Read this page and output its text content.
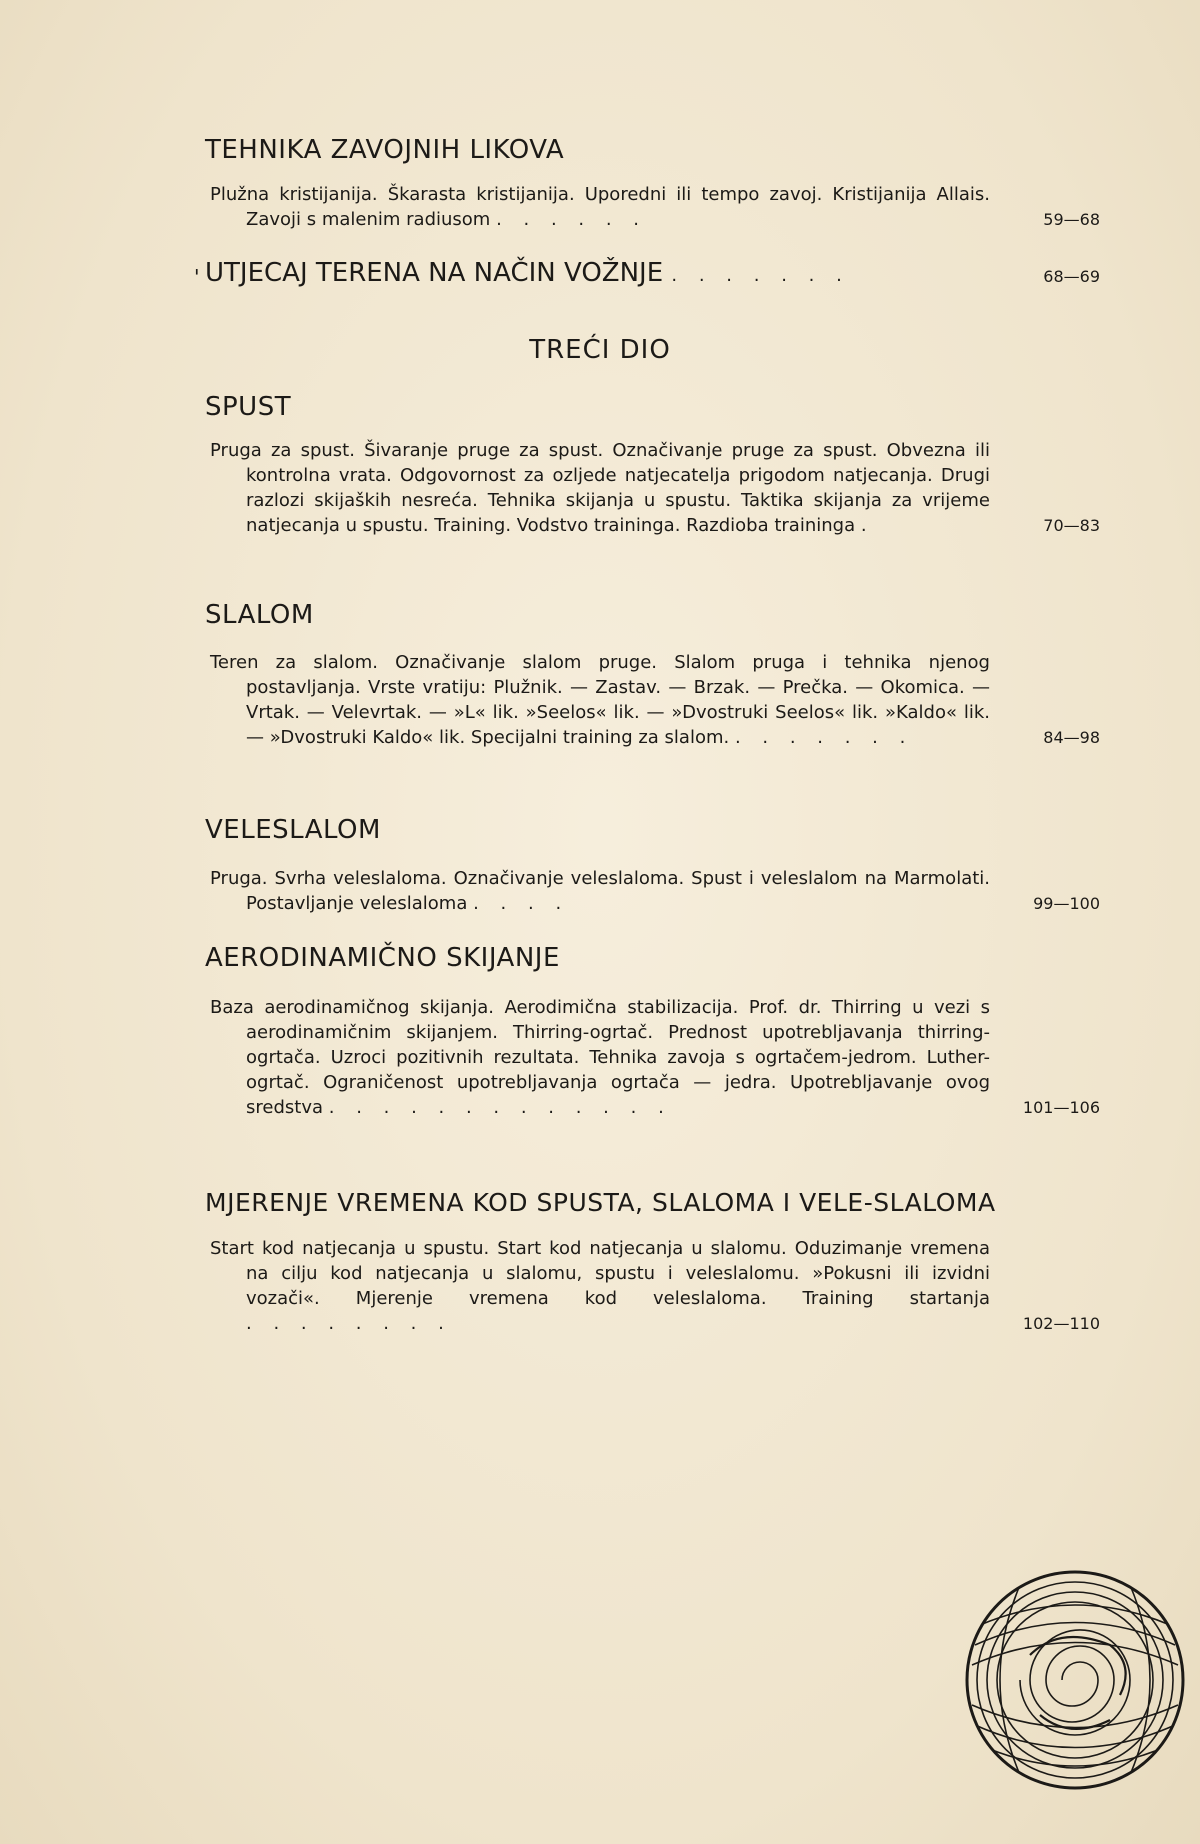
TEHNIKA ZAVOJNIH LIKOVA
Plužna kristijanija. Škarasta kristijanija. Uporedni ili tempo zavoj. Kristijanija Allais. Zavoji s malenim radiusom . . . . . .	59—68
' UTJECAJ TERENA NA NAČIN VOŽNJE . . . . . . .	68—69
TREĆI DIO
SPUST
Pruga za spust. Šivaranje pruge za spust. Označivanje pruge za spust. Obvezna ili kontrolna vrata. Odgovornost za ozljede natjecatelja prigodom natjecanja. Drugi razlozi skijaških nesreća. Tehnika skijanja u spustu. Taktika skijanja za vrijeme natjecanja u spustu. Training. Vodstvo traininga. Razdioba traininga .	70—83
SLALOM
Teren za slalom. Označivanje slalom pruge. Slalom pruga i tehnika njenog postavljanja. Vrste vratiju: Plužnik. — Zastav. — Brzak. — Prečka. — Okomica. — Vrtak. — Velevrtak. — »L« lik. »Seelos« lik. — »Dvostruki Seelos« lik. »Kaldo« lik. — »Dvostruki Kaldo« lik. Specijalni training za slalom. . . . . . . .	84—98
VELESLALOM
Pruga. Svrha veleslaloma. Označivanje veleslaloma. Spust i veleslalom na Marmolati. Postavljanje veleslaloma . . . .	99—100
AERODINAMIČNO SKIJANJE
Baza aerodinamičnog skijanja. Aerodimična stabilizacija. Prof. dr. Thirring u vezi s aerodinamičnim skijanjem. Thirring-ogrtač. Prednost upotrebljavanja thirring-ogrtača. Uzroci pozitivnih rezultata. Tehnika zavoja s ogrtačem-jedrom. Luther-ogrtač. Ograničenost upotrebljavanja ogrtača — jedra. Upotrebljavanje ovog sredstva . . . . . . . . . . . . .	101—106
MJERENJE VREMENA KOD SPUSTA, SLALOMA I VELE-SLALOMA
Start kod natjecanja u spustu. Start kod natjecanja u slalomu. Oduzimanje vremena na cilju kod natjecanja u slalomu, spustu i veleslalomu. »Pokusni ili izvidni vozači«. Mjerenje vremena kod veleslaloma. Training startanja . . . . . . . .	102—110
